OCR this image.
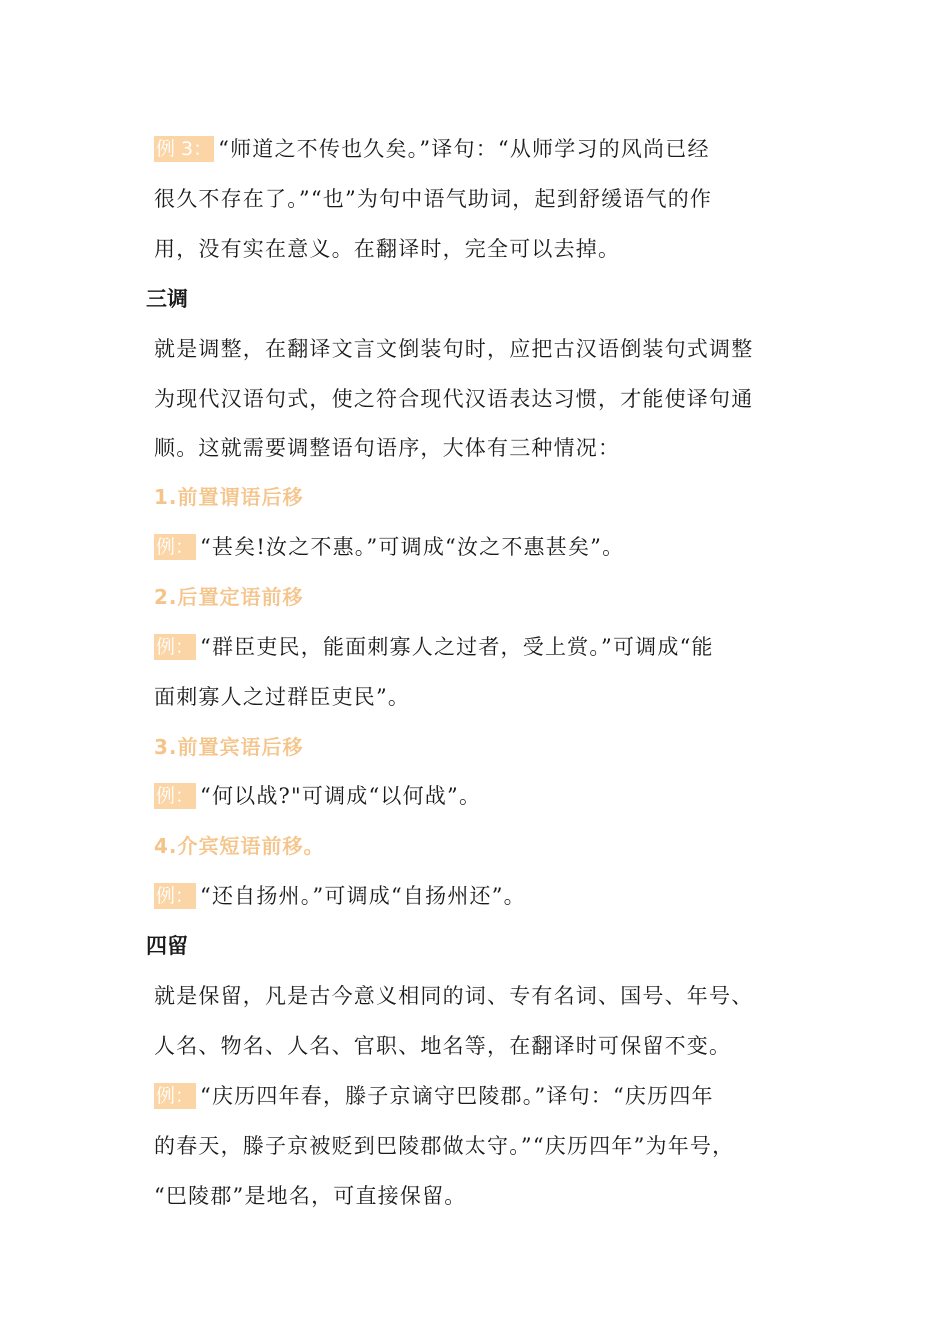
例 3： “师道之不传也久矣。”译句：“从师学习的风尚已经
很久不存在了。”“也”为句中语气助词，起到舒缓语气的作
用，没有实在意义。在翻译时，完全可以去掉。
三调
就是调整，在翻译文言文倒装句时，应把古汉语倒装句式调整
为现代汉语句式，使之符合现代汉语表达习惯，才能使译句通
顺。这就需要调整语句语序，大体有三种情况：
1.前置谓语后移
例： “甚矣!汝之不惠。”可调成“汝之不惠甚矣”。
2.后置定语前移
例： “群臣吏民，能面刺寡人之过者，受上赏。”可调成“能
面刺寡人之过群臣吏民”。
3.前置宾语后移
例： “何以战?"可调成“以何战”。
4.介宾短语前移。
例： “还自扬州。”可调成“自扬州还”。
四留
就是保留，凡是古今意义相同的词、专有名词、国号、年号、
人名、物名、人名、官职、地名等，在翻译时可保留不变。
例： “庆历四年春，滕子京谪守巴陵郡。”译句：“庆历四年
的春天，滕子京被贬到巴陵郡做太守。”“庆历四年”为年号，
“巴陵郡”是地名，可直接保留。
